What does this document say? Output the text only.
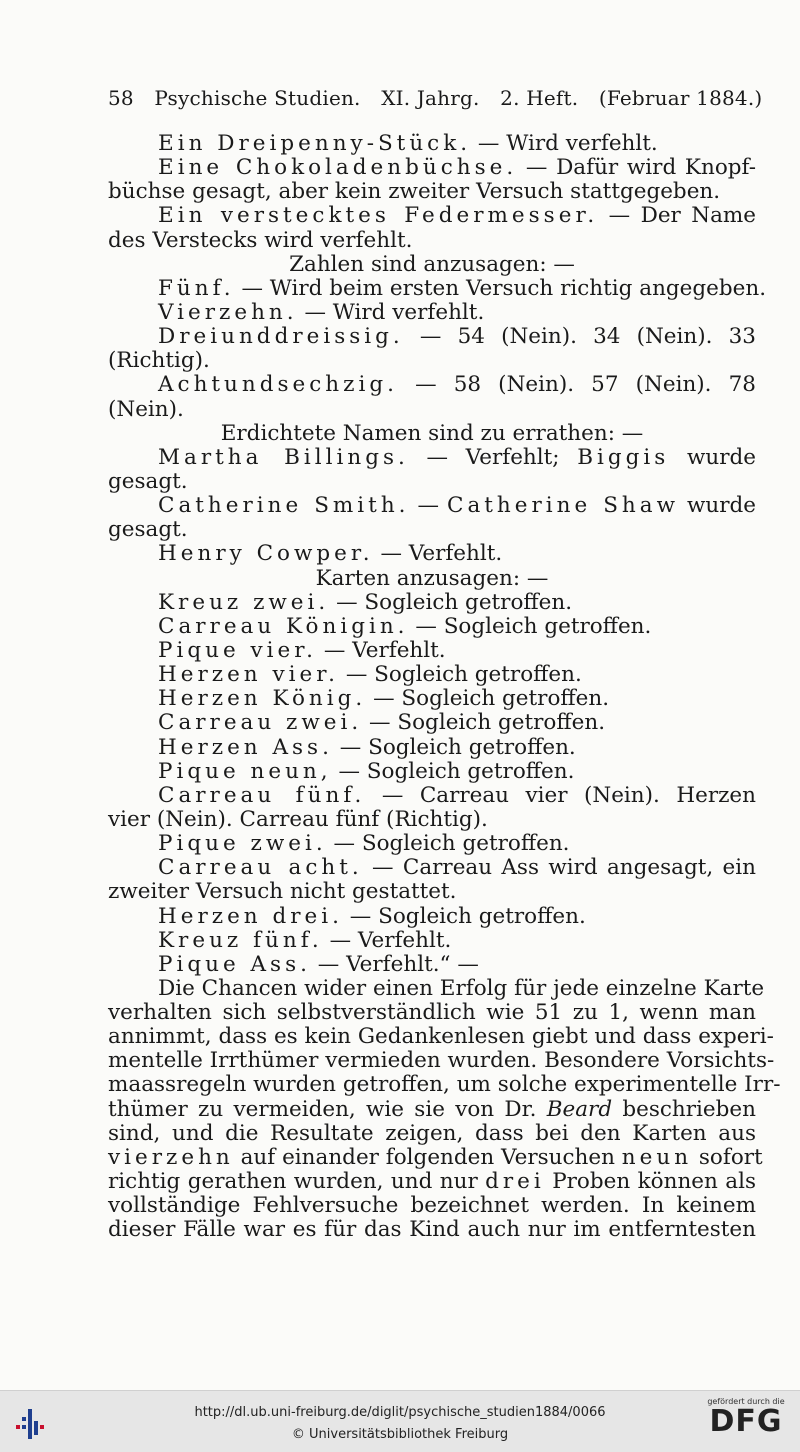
58 Psychische Studien. XI. Jahrg. 2. Heft. (Februar 1884.)
Ein Dreipenny-Stück. — Wird verfehlt.
Eine Chokoladenbüchse. — Dafür wird Knopf-
büchse gesagt, aber kein zweiter Versuch stattgegeben.
Ein verstecktes Federmesser. — Der Name
des Verstecks wird verfehlt.
Zahlen sind anzusagen: —
Fünf. — Wird beim ersten Versuch richtig angegeben.
Vierzehn. — Wird verfehlt.
Dreiunddreissig. — 54 (Nein). 34 (Nein). 33
(Richtig).
Achtundsechzig. — 58 (Nein). 57 (Nein). 78
(Nein).
Erdichtete Namen sind zu errathen: —
Martha Billings. — Verfehlt; Biggis wurde
gesagt.
Catherine Smith. — Catherine Shaw wurde
gesagt.
Henry Cowper. — Verfehlt.
Karten anzusagen: —
Kreuz zwei. — Sogleich getroffen.
Carreau Königin. — Sogleich getroffen.
Pique vier. — Verfehlt.
Herzen vier. — Sogleich getroffen.
Herzen König. — Sogleich getroffen.
Carreau zwei. — Sogleich getroffen.
Herzen Ass. — Sogleich getroffen.
Pique neun, — Sogleich getroffen.
Carreau fünf. — Carreau vier (Nein). Herzen
vier (Nein). Carreau fünf (Richtig).
Pique zwei. — Sogleich getroffen.
Carreau acht. — Carreau Ass wird angesagt, ein
zweiter Versuch nicht gestattet.
Herzen drei. — Sogleich getroffen.
Kreuz fünf. — Verfehlt.
Pique Ass. — Verfehlt.“ —
Die Chancen wider einen Erfolg für jede einzelne Karte
verhalten sich selbstverständlich wie 51 zu 1, wenn man
annimmt, dass es kein Gedankenlesen giebt und dass experi-
mentelle Irrthümer vermieden wurden. Besondere Vorsichts-
maassregeln wurden getroffen, um solche experimentelle Irr-
thümer zu vermeiden, wie sie von Dr. Beard beschrieben
sind, und die Resultate zeigen, dass bei den Karten aus
vierzehn auf einander folgenden Versuchen neun sofort
richtig gerathen wurden, und nur drei Proben können als
vollständige Fehlversuche bezeichnet werden. In keinem
dieser Fälle war es für das Kind auch nur im entferntesten
http://dl.ub.uni-freiburg.de/diglit/psychische_studien1884/0066
© Universitätsbibliothek Freiburg
gefördert durch die
DFG
